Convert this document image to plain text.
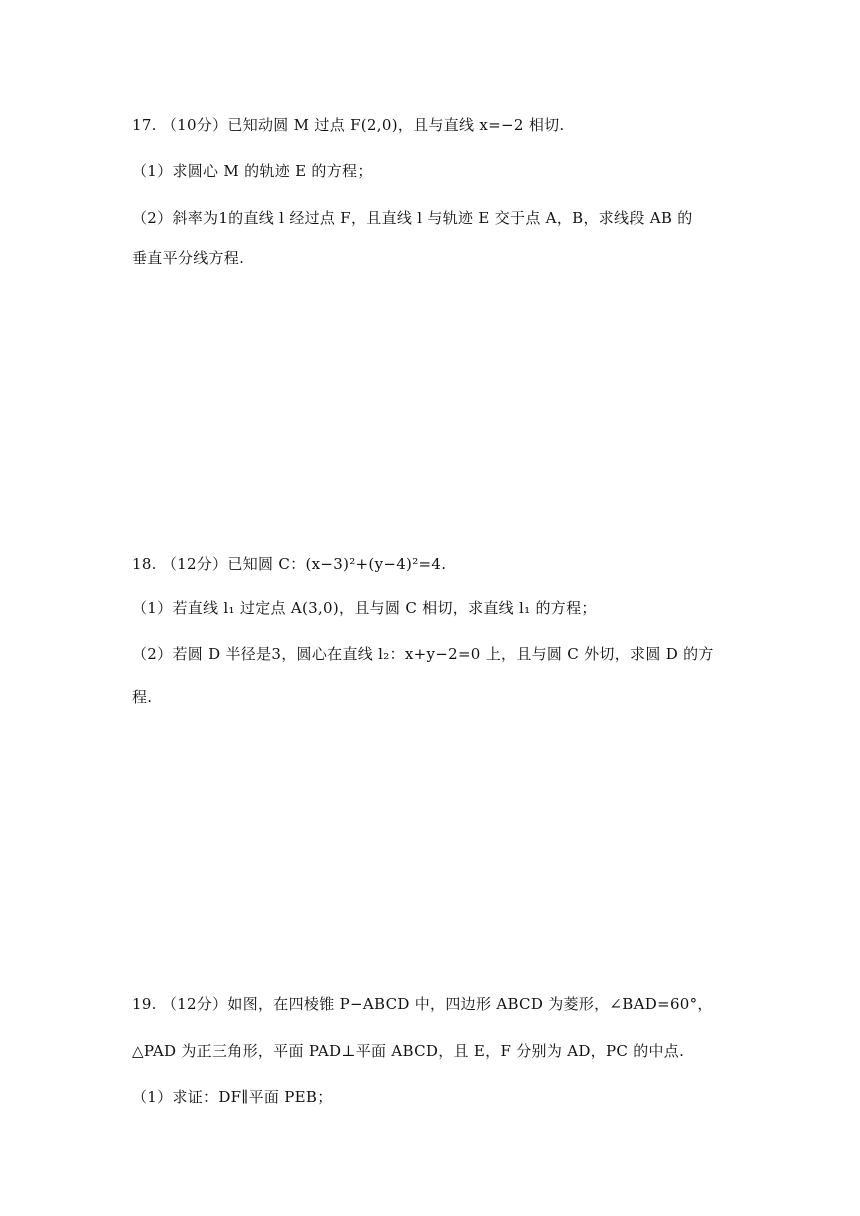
17. （10分）已知动圆 M 过点 F(2,0)，且与直线 x=−2 相切.
（1）求圆心 M 的轨迹 E 的方程；
（2）斜率为1的直线 l 经过点 F，且直线 l 与轨迹 E 交于点 A，B，求线段 AB 的
垂直平分线方程.
18. （12分）已知圆 C：(x−3)²+(y−4)²=4.
（1）若直线 l₁ 过定点 A(3,0)，且与圆 C 相切，求直线 l₁ 的方程；
（2）若圆 D 半径是3，圆心在直线 l₂：x+y−2=0 上，且与圆 C 外切，求圆 D 的方
程.
19. （12分）如图，在四棱锥 P−ABCD 中，四边形 ABCD 为菱形，∠BAD=60°，
△PAD 为正三角形，平面 PAD⊥平面 ABCD，且 E，F 分别为 AD，PC 的中点.
（1）求证：DF∥平面 PEB；
